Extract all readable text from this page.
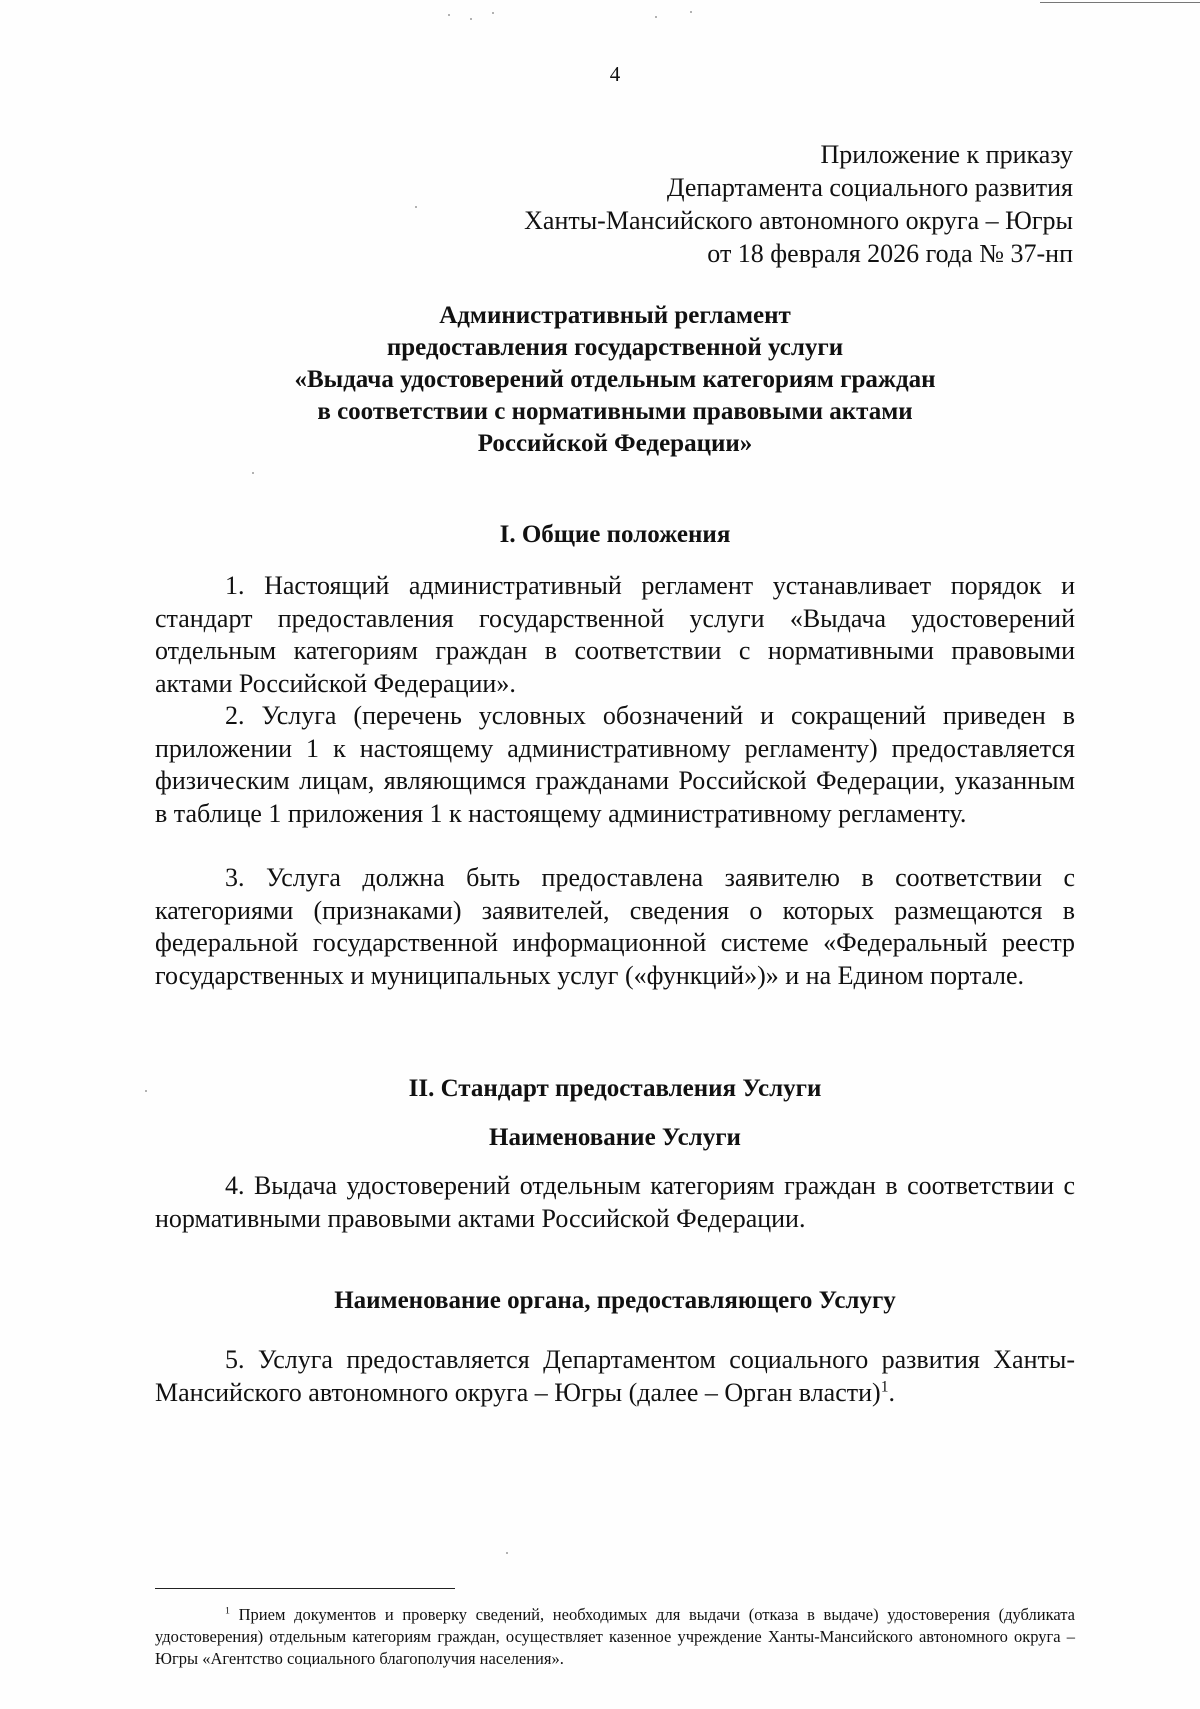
4
Приложение к приказу
Департамента социального развития
Ханты-Мансийского автономного округа – Югры
от 18 февраля 2026 года № 37-нп
Административный регламент
предоставления государственной услуги
«Выдача удостоверений отдельным категориям граждан
в соответствии с нормативными правовыми актами
Российской Федерации»
I. Общие положения
1. Настоящий административный регламент устанавливает порядок и стандарт предоставления государственной услуги «Выдача удостоверений отдельным категориям граждан в соответствии с нормативными правовыми актами Российской Федерации».
2. Услуга (перечень условных обозначений и сокращений приведен в приложении 1 к настоящему административному регламенту) предоставляется физическим лицам, являющимся гражданами Российской Федерации, указанным в таблице 1 приложения 1 к настоящему административному регламенту.
3. Услуга должна быть предоставлена заявителю в соответствии с категориями (признаками) заявителей, сведения о которых размещаются в федеральной государственной информационной системе «Федеральный реестр государственных и муниципальных услуг («функций»)» и на Едином портале.
II. Стандарт предоставления Услуги
Наименование Услуги
4. Выдача удостоверений отдельным категориям граждан в соответствии с нормативными правовыми актами Российской Федерации.
Наименование органа, предоставляющего Услугу
5. Услуга предоставляется Департаментом социального развития Ханты-Мансийского автономного округа – Югры (далее – Орган власти)$^1$.
$^1$ Прием документов и проверку сведений, необходимых для выдачи (отказа в выдаче) удостоверения (дубликата удостоверения) отдельным категориям граждан, осуществляет казенное учреждение Ханты-Мансийского автономного округа – Югры «Агентство социального благополучия населения».
